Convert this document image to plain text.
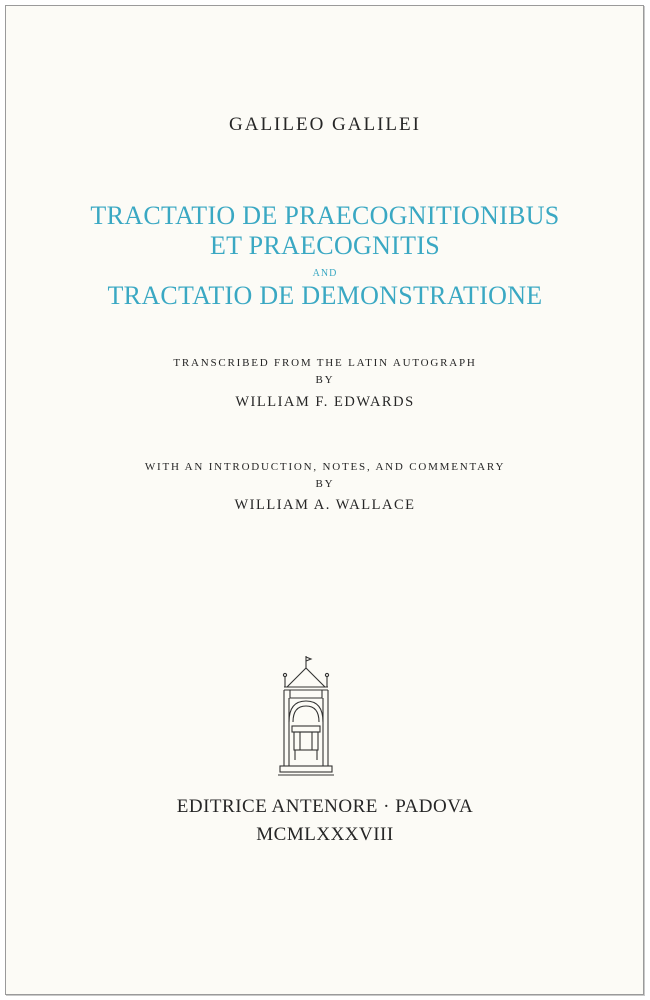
GALILEO GALILEI
TRACTATIO DE PRAECOGNITIONIBUS
ET PRAECOGNITIS
AND
TRACTATIO DE DEMONSTRATIONE
TRANSCRIBED FROM THE LATIN AUTOGRAPH
BY
WILLIAM F. EDWARDS
WITH AN INTRODUCTION, NOTES, AND COMMENTARY
BY
WILLIAM A. WALLACE
EDITRICE ANTENORE · PADOVA
MCMLXXXVIII
